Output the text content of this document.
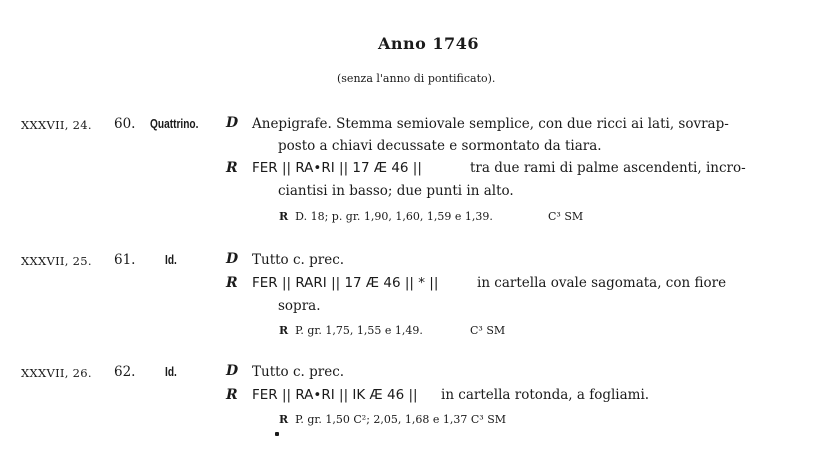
Anno 1746
(senza l'anno di pontificato).
XXXVII, 24. 60. Quattrino. D Anepigrafe. Stemma semiovale semplice, con due ricci ai lati, sovrap-
posto a chiavi decussate e sormontato da tiara.
R FER || RA•RI || 17 Æ 46 ||	tra due rami di palme ascendenti, incro-
ciantisi in basso; due punti in alto.
R D. 18; p. gr. 1,90, 1,60, 1,59 e 1,39.	C³ SM
XXXVII, 25. 61. Id.	D Tutto c. prec.
R FER || RARI || 17 Æ 46 || * ||	in cartella ovale sagomata, con fiore
sopra.
R P. gr. 1,75, 1,55 e 1,49.	C³ SM
XXXVII, 26. 62. Id.	D Tutto c. prec.
R FER || RA•RI || IK Æ 46 || in cartella rotonda, a fogliami.
R P. gr. 1,50 C²; 2,05, 1,68 e 1,37 C³ SM
